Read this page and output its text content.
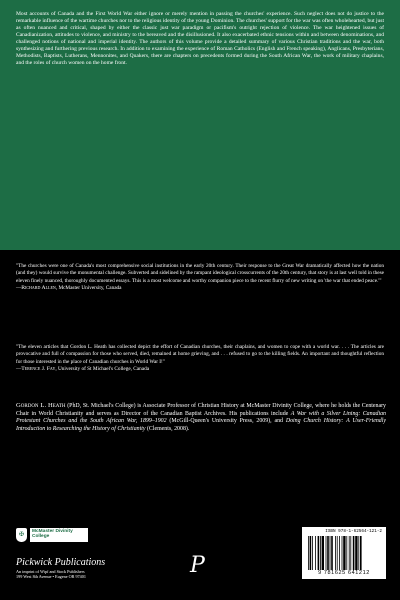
Most accounts of Canada and the First World War either ignore or merely mention in passing the churches' experience. Such neglect does not do justice to the remarkable influence of the wartime churches nor to the religious identity of the young Dominion. The churches' support for the war was often wholehearted, but just as often nuanced and critical, shaped by either the classic just war paradigm or pacifism's outright rejection of violence. The war heightened issues of Canadianization, attitudes to violence, and ministry to the bereaved and the disillusioned. It also exacerbated ethnic tensions within and between denominations, and challenged notions of national and imperial identity. The authors of this volume provide a detailed summary of various Christian traditions and the war, both synthesizing and furthering previous research. In addition to examining the experience of Roman Catholics (English and French speaking), Anglicans, Presbyterians, Methodists, Baptists, Lutherans, Mennonites, and Quakers, there are chapters on precedents formed during the South African War, the work of military chaplains, and the roles of church women on the home front.

"The churches were one of Canada's most comprehensive social institutions in the early 20th century. Their response to the Great War dramatically affected how the nation (and they) would survive the monumental challenge. Subverted and sidelined by the rampant ideological crosscurrents of the 20th century, that story is at last well told in these eleven finely nuanced, thoroughly documented essays. This is a most welcome and worthy companion piece to the recent flurry of new writing on 'the war that ended peace.'"
—Richard Allen, McMaster University, Canada

"The eleven articles that Gordon L. Heath has collected depict the effort of Canadian churches, their chaplains, and women to cope with a world war. . . . The articles are provocative and full of compassion for those who served, died, remained at home grieving, and . . . refused to go to the killing fields. An important and thoughtful reflection for those interested in the place of Canadian churches in World War I!"
—Terence J. Fay, University of St Michael's College, Canada

Gordon L. Heath (PhD, St. Michael's College) is Associate Professor of Christian History at McMaster Divinity College, where he holds the Centenary Chair in World Christianity and serves as Director of the Canadian Baptist Archives. His publications include A War with a Silver Lining: Canadian Protestant Churches and the South African War, 1899–1902 (McGill-Queen's University Press, 2009), and Doing Church History: A User-Friendly Introduction to Researching the History of Christianity (Clements, 2008).

✠	McMaster Divinity College

Pickwick Publications

An imprint of Wipf and Stock Publishers

199 West 8th Avenue • Eugene OR 97401	P
ISBN 978-1-62564-121-2
9 781625 641212
